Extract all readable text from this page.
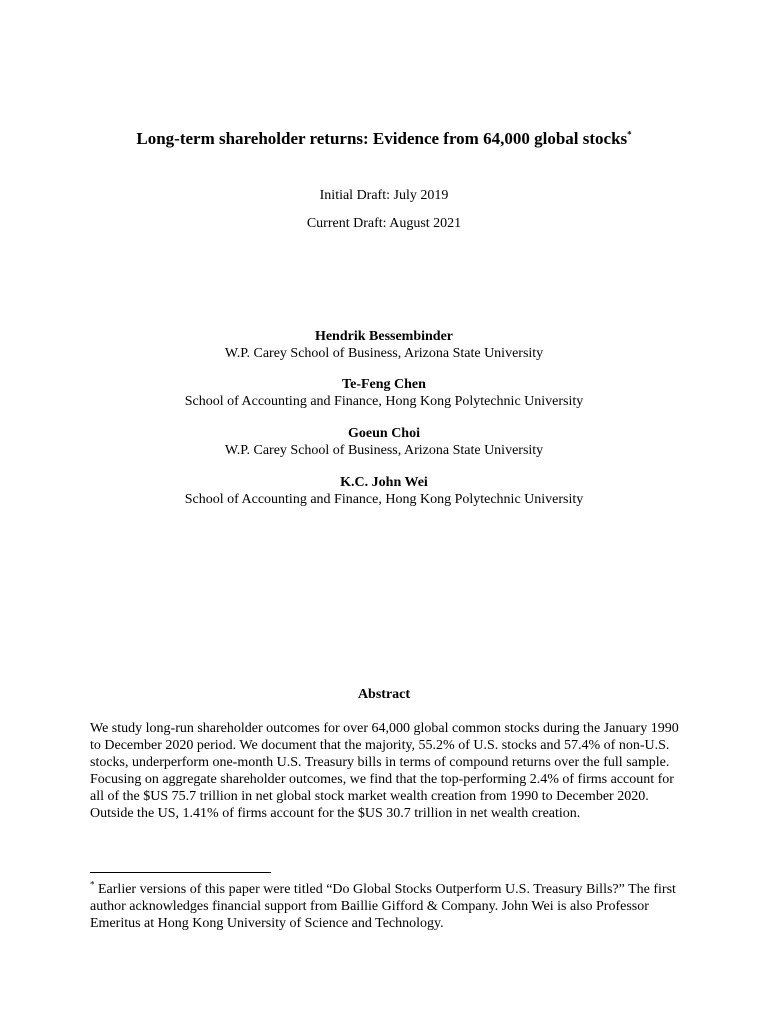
Long-term shareholder returns: Evidence from 64,000 global stocks*
Initial Draft: July 2019
Current Draft: August 2021
Hendrik Bessembinder
W.P. Carey School of Business, Arizona State University
Te-Feng Chen
School of Accounting and Finance, Hong Kong Polytechnic University
Goeun Choi
W.P. Carey School of Business, Arizona State University
K.C. John Wei
School of Accounting and Finance, Hong Kong Polytechnic University
Abstract
We study long-run shareholder outcomes for over 64,000 global common stocks during the January 1990 to December 2020 period. We document that the majority, 55.2% of U.S. stocks and 57.4% of non-U.S. stocks, underperform one-month U.S. Treasury bills in terms of compound returns over the full sample. Focusing on aggregate shareholder outcomes, we find that the top-performing 2.4% of firms account for all of the $US 75.7 trillion in net global stock market wealth creation from 1990 to December 2020. Outside the US, 1.41% of firms account for the $US 30.7 trillion in net wealth creation.
* Earlier versions of this paper were titled “Do Global Stocks Outperform U.S. Treasury Bills?” The first author acknowledges financial support from Baillie Gifford & Company. John Wei is also Professor Emeritus at Hong Kong University of Science and Technology.
